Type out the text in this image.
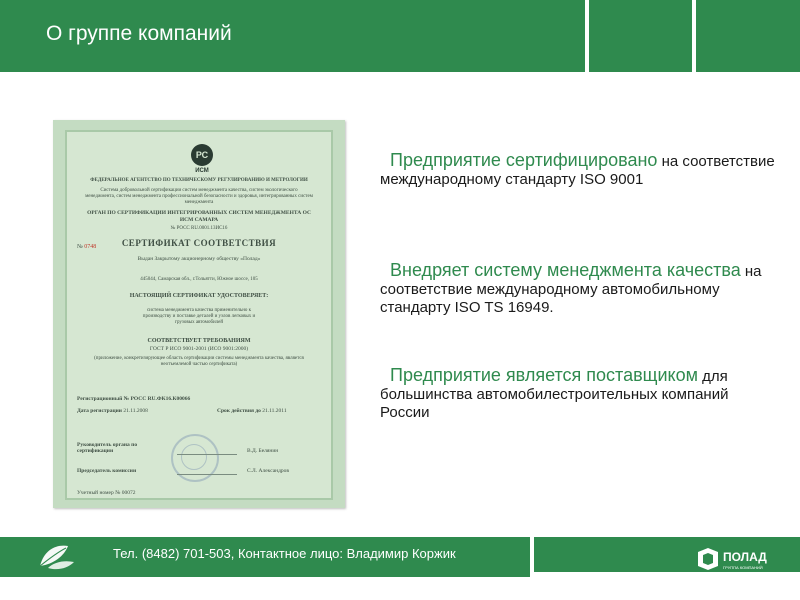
О группе компаний
РС
ИСМ
ФЕДЕРАЛЬНОЕ АГЕНТСТВО ПО ТЕХНИЧЕСКОМУ РЕГУЛИРОВАНИЮ И МЕТРОЛОГИИ
Система добровольной сертификации систем менеджмента качества, систем экологического менеджмента, систем менеджмента профессиональной безопасности и здоровья, интегрированных систем менеджмента
ОРГАН ПО СЕРТИФИКАЦИИ ИНТЕГРИРОВАННЫХ СИСТЕМ МЕНЕДЖМЕНТА ОС ИСМ САМАРА
№ РОСС RU.0001.13ИС16
№ 0748	СЕРТИФИКАТ СООТВЕТСТВИЯ
Выдан Закрытому акционерному обществу «Полад»
445044, Самарская обл., г.Тольятти, Южное шоссе, 105
НАСТОЯЩИЙ СЕРТИФИКАТ УДОСТОВЕРЯЕТ:
система менеджмента качества применительно к производству и поставке деталей и узлов легковых и грузовых автомобилей
СООТВЕТСТВУЕТ ТРЕБОВАНИЯМ
ГОСТ Р ИСО 9001-2001 (ИСО 9001:2000)
(приложение, конкретизирующее область сертификации системы менеджмента качества, является неотъемлемой частью сертификата)
Регистрационный № РОСС RU.ФК16.К00066
Дата регистрации 21.11.2008	Срок действия до 21.11.2011
Руководитель органа по сертификации	В.Д. Белянин
Председатель комиссии	С.Л. Александров
Учетный номер № 00072

Предприятие сертифицировано на соответствие международному стандарту ISO 9001

Внедряет систему менеджмента качества на соответствие международному автомобильному стандарту ISO TS 16949.

Предприятие является поставщиком для большинства автомобилестроительных компаний России

Тел. (8482) 701-503, Контактное лицо: Владимир Коржик	ПОЛАД
ГРУППА КОМПАНИЙ
